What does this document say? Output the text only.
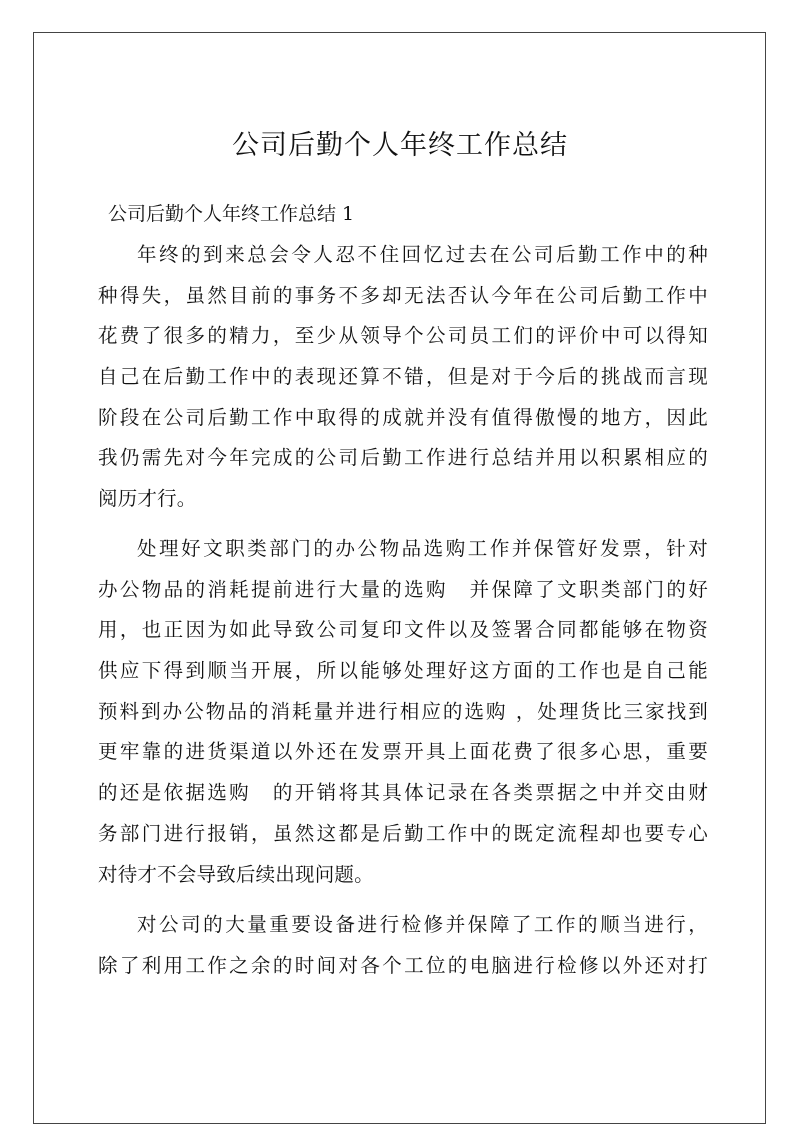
公司后勤个人年终工作总结

公司后勤个人年终工作总结 1

年终的到来总会令人忍不住回忆过去在公司后勤工作中的种
种得失，虽然目前的事务不多却无法否认今年在公司后勤工作中
花费了很多的精力，至少从领导个公司员工们的评价中可以得知
自己在后勤工作中的表现还算不错，但是对于今后的挑战而言现
阶段在公司后勤工作中取得的成就并没有值得傲慢的地方，因此
我仍需先对今年完成的公司后勤工作进行总结并用以积累相应的
阅历才行。
处理好文职类部门的办公物品选购工作并保管好发票，针对
办公物品的消耗提前进行大量的选购　并保障了文职类部门的好
用，也正因为如此导致公司复印文件以及签署合同都能够在物资
供应下得到顺当开展，所以能够处理好这方面的工作也是自己能
预料到办公物品的消耗量并进行相应的选购 ，处理货比三家找到
更牢靠的进货渠道以外还在发票开具上面花费了很多心思，重要
的还是依据选购　的开销将其具体记录在各类票据之中并交由财
务部门进行报销，虽然这都是后勤工作中的既定流程却也要专心
对待才不会导致后续出现问题。
对公司的大量重要设备进行检修并保障了工作的顺当进行，
除了利用工作之余的时间对各个工位的电脑进行检修以外还对打
